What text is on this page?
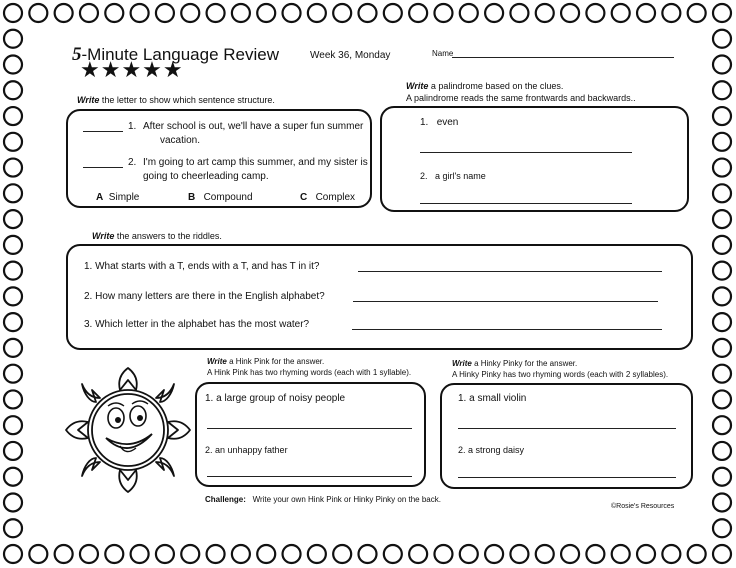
5-Minute Language Review
★★★★★
Week 36, Monday	Name
Write the letter to show which sentence structure.
1. After school is out, we'll have a super fun summer
vacation.
2. I'm going to art camp this summer, and my sister is
going to cheerleading camp.
A Simple	B Compound	C Complex
Write a palindrome based on the clues.
A palindrome reads the same frontwards and backwards..
1. even
2. a girl's name
Write the answers to the riddles.
1. What starts with a T, ends with a T, and has T in it?
2. How many letters are there in the English alphabet?
3. Which letter in the alphabet has the most water?
Write a Hink Pink for the answer.
A Hink Pink has two rhyming words (each with 1 syllable).
1. a large group of noisy people
2. an unhappy father
Write a Hinky Pinky for the answer.
A Hinky Pinky has two rhyming words (each with 2 syllables).
1. a small violin
2. a strong daisy
Challenge: Write your own Hink Pink or Hinky Pinky on the back.
©Rosie's Resources
